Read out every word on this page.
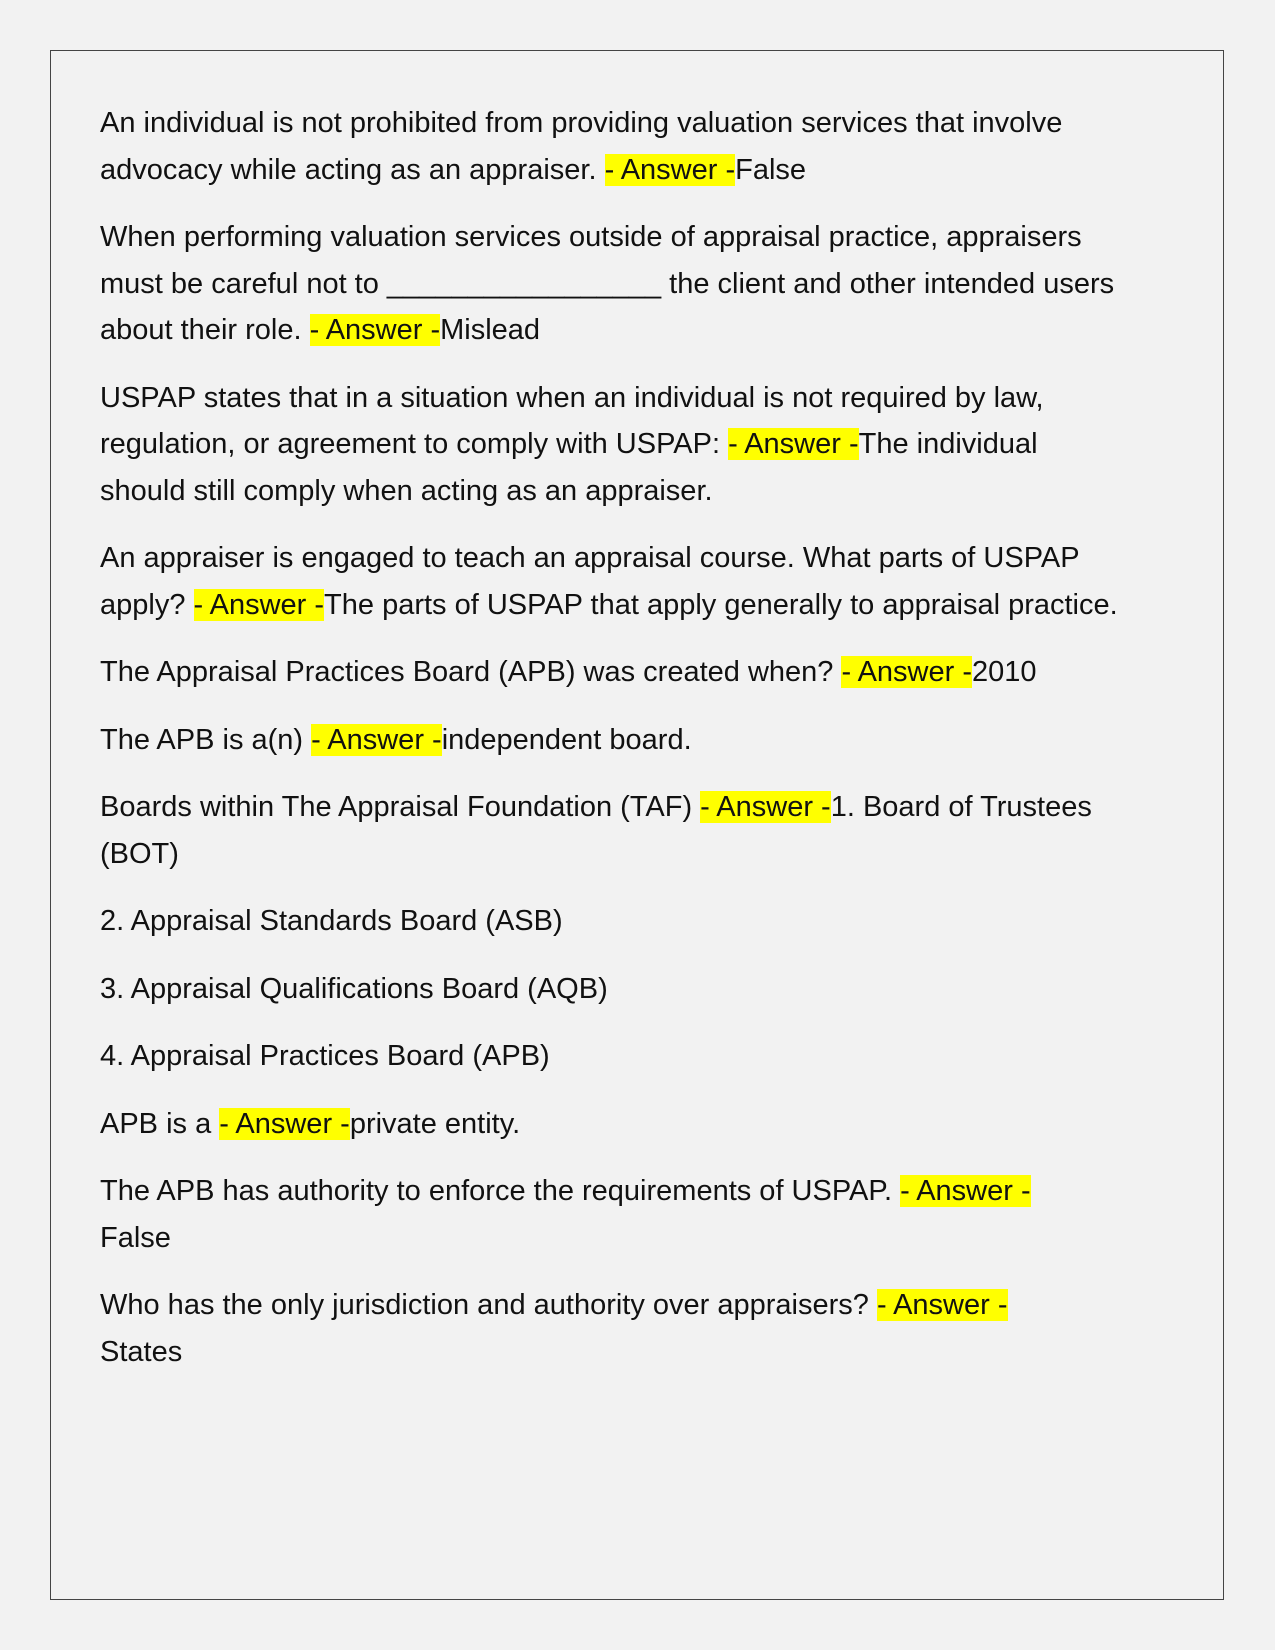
An individual is not prohibited from providing valuation services that involve advocacy while acting as an appraiser. - Answer -False

When performing valuation services outside of appraisal practice, appraisers must be careful not to _________________ the client and other intended users about their role. - Answer -Mislead

USPAP states that in a situation when an individual is not required by law, regulation, or agreement to comply with USPAP: - Answer -The individual should still comply when acting as an appraiser.

An appraiser is engaged to teach an appraisal course. What parts of USPAP apply? - Answer -The parts of USPAP that apply generally to appraisal practice.

The Appraisal Practices Board (APB) was created when? - Answer -2010

The APB is a(n) - Answer -independent board.

Boards within The Appraisal Foundation (TAF) - Answer -1. Board of Trustees (BOT)

2. Appraisal Standards Board (ASB)

3. Appraisal Qualifications Board (AQB)

4. Appraisal Practices Board (APB)

APB is a - Answer -private entity.

The APB has authority to enforce the requirements of USPAP. - Answer -
False

Who has the only jurisdiction and authority over appraisers? - Answer -
States
